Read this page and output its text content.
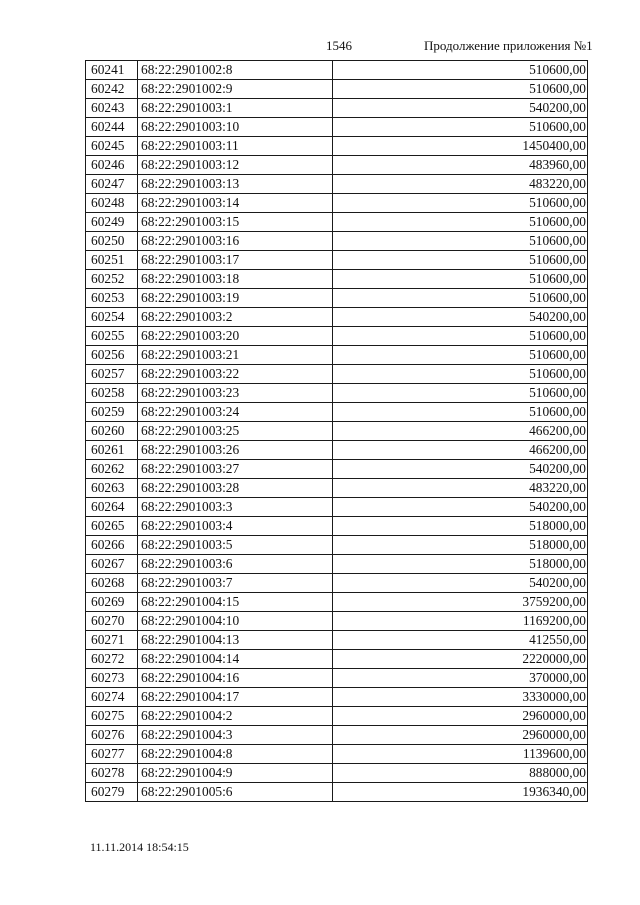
1546	Продолжение приложения №1
60241	68:22:2901002:8	510600,00
60242	68:22:2901002:9	510600,00
60243	68:22:2901003:1	540200,00
60244	68:22:2901003:10	510600,00
60245	68:22:2901003:11	1450400,00
60246	68:22:2901003:12	483960,00
60247	68:22:2901003:13	483220,00
60248	68:22:2901003:14	510600,00
60249	68:22:2901003:15	510600,00
60250	68:22:2901003:16	510600,00
60251	68:22:2901003:17	510600,00
60252	68:22:2901003:18	510600,00
60253	68:22:2901003:19	510600,00
60254	68:22:2901003:2	540200,00
60255	68:22:2901003:20	510600,00
60256	68:22:2901003:21	510600,00
60257	68:22:2901003:22	510600,00
60258	68:22:2901003:23	510600,00
60259	68:22:2901003:24	510600,00
60260	68:22:2901003:25	466200,00
60261	68:22:2901003:26	466200,00
60262	68:22:2901003:27	540200,00
60263	68:22:2901003:28	483220,00
60264	68:22:2901003:3	540200,00
60265	68:22:2901003:4	518000,00
60266	68:22:2901003:5	518000,00
60267	68:22:2901003:6	518000,00
60268	68:22:2901003:7	540200,00
60269	68:22:2901004:15	3759200,00
60270	68:22:2901004:10	1169200,00
60271	68:22:2901004:13	412550,00
60272	68:22:2901004:14	2220000,00
60273	68:22:2901004:16	370000,00
60274	68:22:2901004:17	3330000,00
60275	68:22:2901004:2	2960000,00
60276	68:22:2901004:3	2960000,00
60277	68:22:2901004:8	1139600,00
60278	68:22:2901004:9	888000,00
60279	68:22:2901005:6	1936340,00
11.11.2014 18:54:15
